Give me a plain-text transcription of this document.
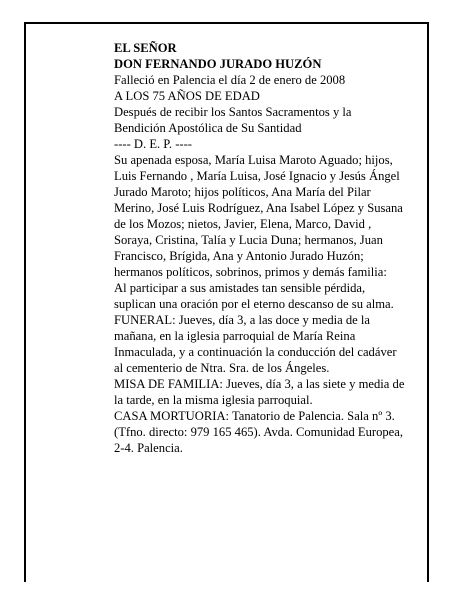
EL SEÑOR

DON FERNANDO JURADO HUZÓN

Falleció en Palencia el día 2 de enero de 2008

A LOS 75 AÑOS DE EDAD

Después de recibir los Santos Sacramentos y la Bendición Apostólica de Su Santidad

---- D. E. P. ----

Su apenada esposa, María Luisa Maroto Aguado; hijos, Luis Fernando , María Luisa, José Ignacio y Jesús Ángel Jurado Maroto; hijos políticos, Ana María del Pilar Merino, José Luis Rodríguez, Ana Isabel López y Susana de los Mozos; nietos, Javier, Elena, Marco, David , Soraya, Cristina, Talía y Lucia Duna; hermanos, Juan Francisco, Brígida, Ana y Antonio Jurado Huzón; hermanos políticos, sobrinos, primos y demás familia:

Al participar a sus amistades tan sensible pérdida, suplican una oración por el eterno descanso de su alma.

FUNERAL: Jueves, día 3, a las doce y media de la mañana, en la iglesia parroquial de María Reina Inmaculada, y a continuación la conducción del cadáver al cementerio de Ntra. Sra. de los Ángeles.

MISA DE FAMILIA: Jueves, día 3, a las siete y media de la tarde, en la misma iglesia parroquial.

CASA MORTUORIA: Tanatorio de Palencia. Sala nº 3. (Tfno. directo: 979 165 465). Avda. Comunidad Europea, 2-4. Palencia.
